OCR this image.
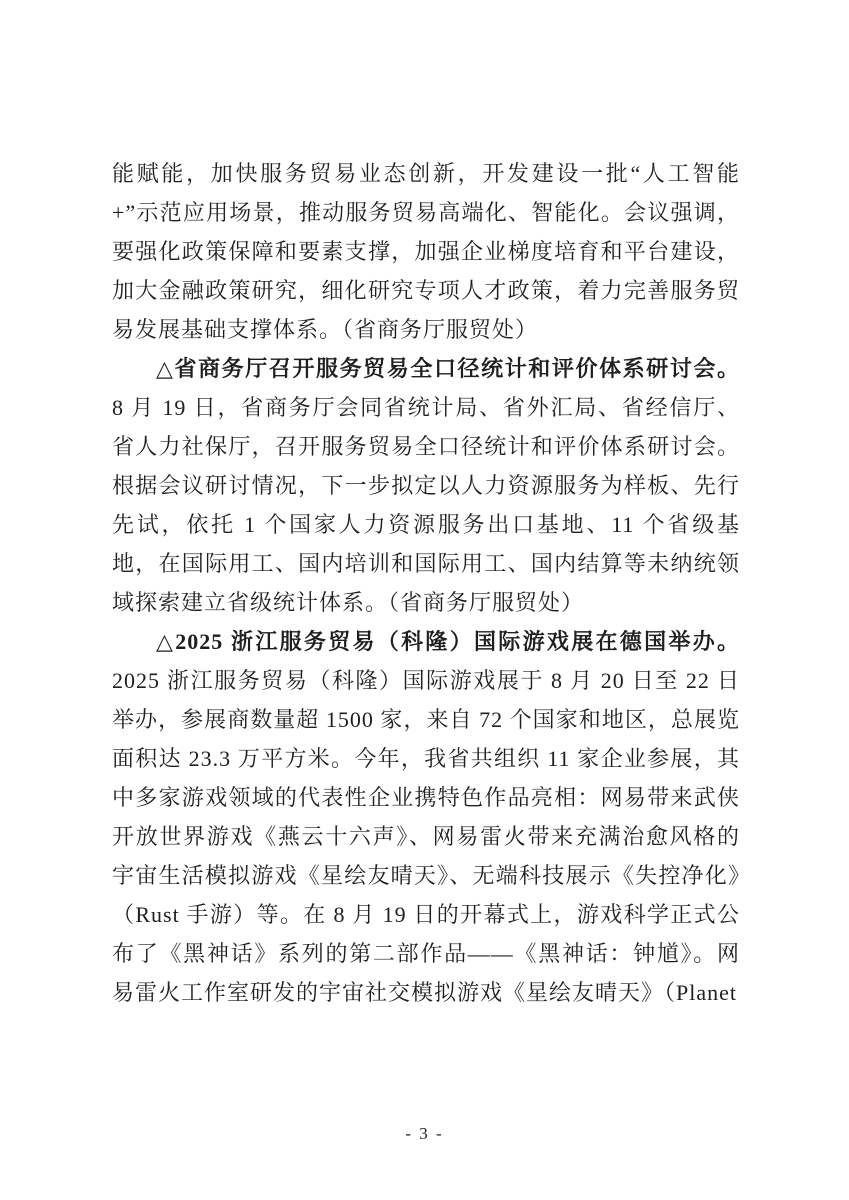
能赋能，加快服务贸易业态创新，开发建设一批“人工智能+”示范应用场景，推动服务贸易高端化、智能化。会议强调，要强化政策保障和要素支撑，加强企业梯度培育和平台建设，加大金融政策研究，细化研究专项人才政策，着力完善服务贸易发展基础支撑体系。（省商务厅服贸处）

△省商务厅召开服务贸易全口径统计和评价体系研讨会。 8 月 19 日，省商务厅会同省统计局、省外汇局、省经信厅、省人力社保厅，召开服务贸易全口径统计和评价体系研讨会。根据会议研讨情况，下一步拟定以人力资源服务为样板、先行先试，依托 1 个国家人力资源服务出口基地、11 个省级基地，在国际用工、国内培训和国际用工、国内结算等未纳统领域探索建立省级统计体系。（省商务厅服贸处）

△2025 浙江服务贸易（科隆）国际游戏展在德国举办。 2025 浙江服务贸易（科隆）国际游戏展于 8 月 20 日至 22 日举办，参展商数量超 1500 家，来自 72 个国家和地区，总展览面积达 23.3 万平方米。今年，我省共组织 11 家企业参展，其中多家游戏领域的代表性企业携特色作品亮相：网易带来武侠开放世界游戏《燕云十六声》、网易雷火带来充满治愈风格的宇宙生活模拟游戏《星绘友晴天》、无端科技展示《失控净化》（Rust 手游）等。在 8 月 19 日的开幕式上，游戏科学正式公布了《黑神话》系列的第二部作品——《黑神话：钟馗》。网易雷火工作室研发的宇宙社交模拟游戏《星绘友晴天》（Planet

- 3 -
